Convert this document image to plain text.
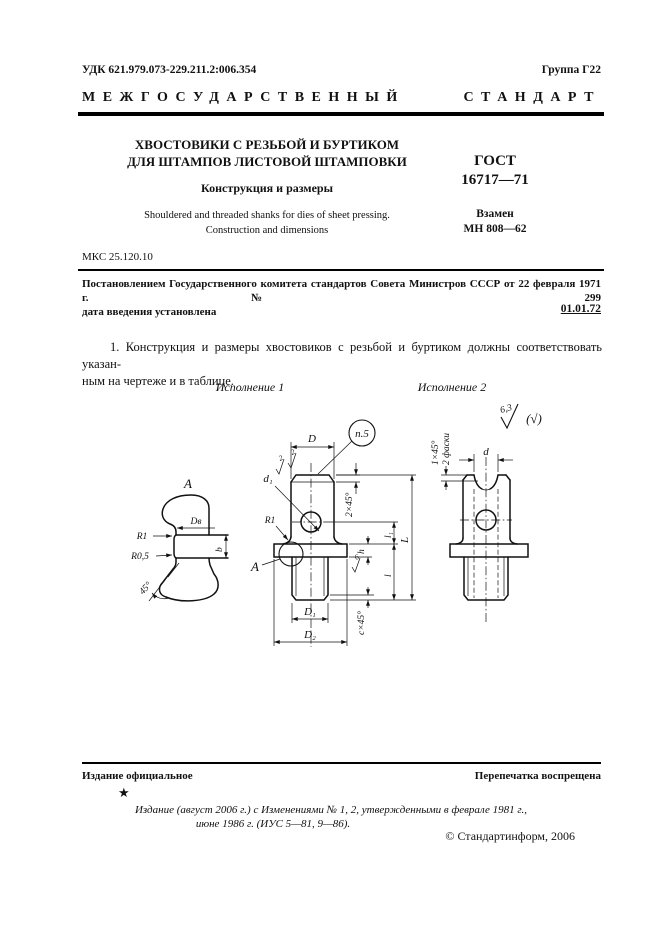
УДК 621.979.073-229.211.2:006.354	Группа Г22
МЕЖГОСУДАРСТВЕННЫЙ	СТАНДАРТ
ХВОСТОВИКИ С РЕЗЬБОЙ И БУРТИКОМ
ДЛЯ ШТАМПОВ ЛИСТОВОЙ ШТАМПОВКИ
Конструкция и размеры
Shouldered and threaded shanks for dies of sheet pressing.
Construction and dimensions
ГОСТ
16717—71
Взамен
МН 808—62
МКС 25.120.10
Постановлением Государственного комитета стандартов Совета Министров СССР от 22 февраля 1971 г. № 299
дата введения установлена	01.01.72
1. Конструкция и размеры хвостовиков с резьбой и буртиком должны соответствовать указан-
ным на чертеже и в таблице.
Исполнение 1	Исполнение 2
А
Dв
R1
R0,5
b
45°
п.5
2
2
D
d₁
R1
А
2×45°
h
l₁
l
L
6
c×45°
D₁
D₂
6,3
(√)
d
1×45° 2 фаски
Издание официальное	Перепечатка воспрещена
★
Издание (август 2006 г.) с Изменениями № 1, 2, утвержденными в феврале 1981 г.,
июне 1986 г. (ИУС 5—81, 9—86).
© Стандартинформ, 2006
